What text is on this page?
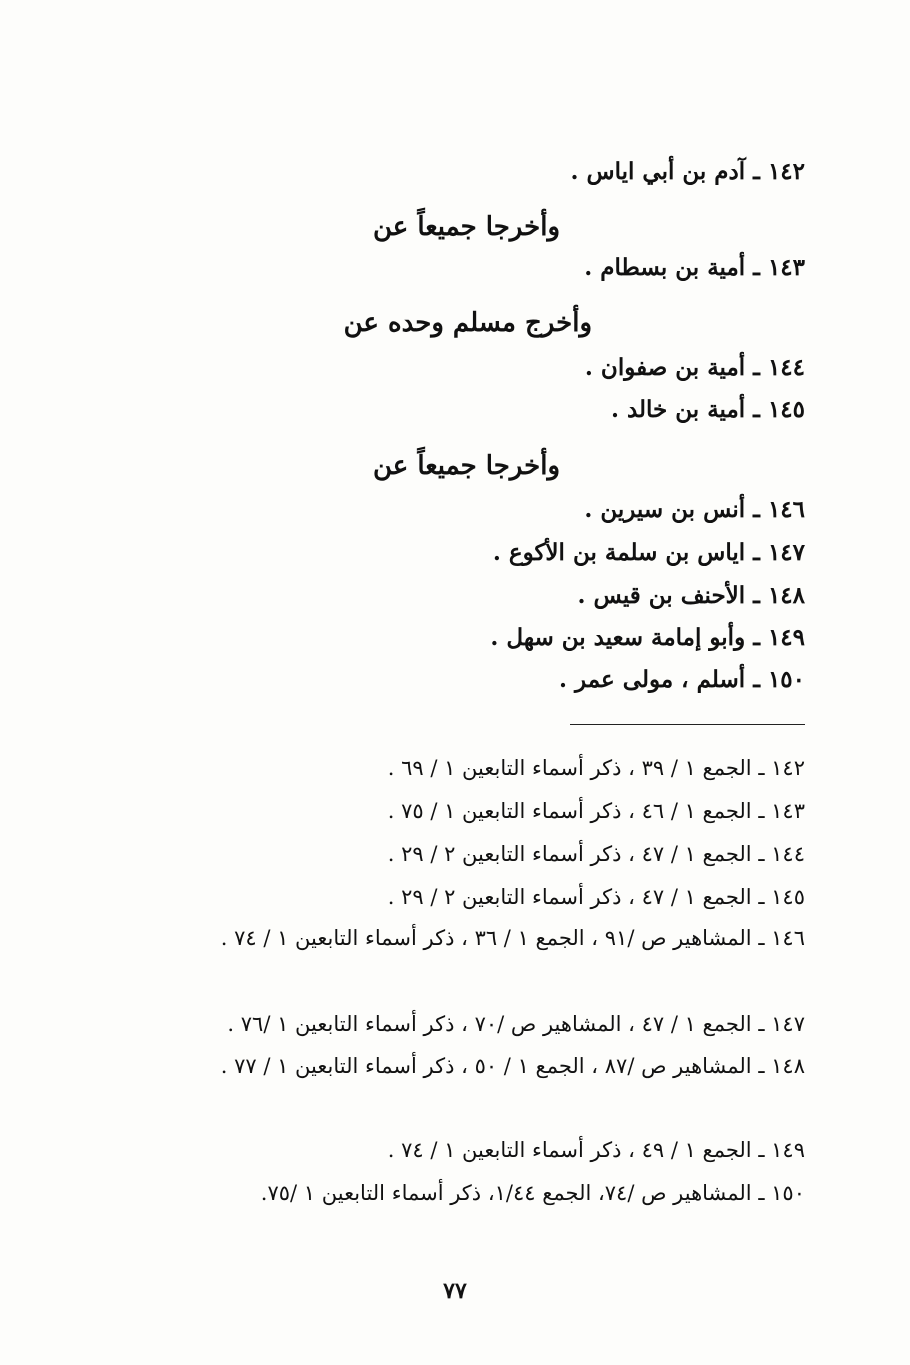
١٤٢ ـ آدم بن أبي اياس .
وأخرجا جميعاً عن
١٤٣ ـ أمية بن بسطام .
وأخرج مسلم وحده عن
١٤٤ ـ أمية بن صفوان .
١٤٥ ـ أمية بن خالد .
وأخرجا جميعاً عن
١٤٦ ـ أنس بن سيرين .
١٤٧ ـ اياس بن سلمة بن الأكوع .
١٤٨ ـ الأحنف بن قيس .
١٤٩ ـ وأبو إمامة سعيد بن سهل .
١٥٠ ـ أسلم ، مولى عمر .
١٤٢ ـ الجمع ١ / ٣٩ ، ذكر أسماء التابعين ١ / ٦٩ .
١٤٣ ـ الجمع ١ / ٤٦ ، ذكر أسماء التابعين ١ / ٧٥ .
١٤٤ ـ الجمع ١ / ٤٧ ، ذكر أسماء التابعين ٢ / ٢٩ .
١٤٥ ـ الجمع ١ / ٤٧ ، ذكر أسماء التابعين ٢ / ٢٩ .
١٤٦ ـ المشاهير ص /٩١ ، الجمع ١ / ٣٦ ، ذكر أسماء التابعين ١ / ٧٤ .
١٤٧ ـ الجمع ١ / ٤٧ ، المشاهير ص /٧٠ ، ذكر أسماء التابعين ١ /٧٦ .
١٤٨ ـ المشاهير ص /٨٧ ، الجمع ١ / ٥٠ ، ذكر أسماء التابعين ١ / ٧٧ .
١٤٩ ـ الجمع ١ / ٤٩ ، ذكر أسماء التابعين ١ / ٧٤ .
١٥٠ ـ المشاهير ص /٧٤، الجمع ١/٤٤، ذكر أسماء التابعين ١ /٧٥.
٧٧
